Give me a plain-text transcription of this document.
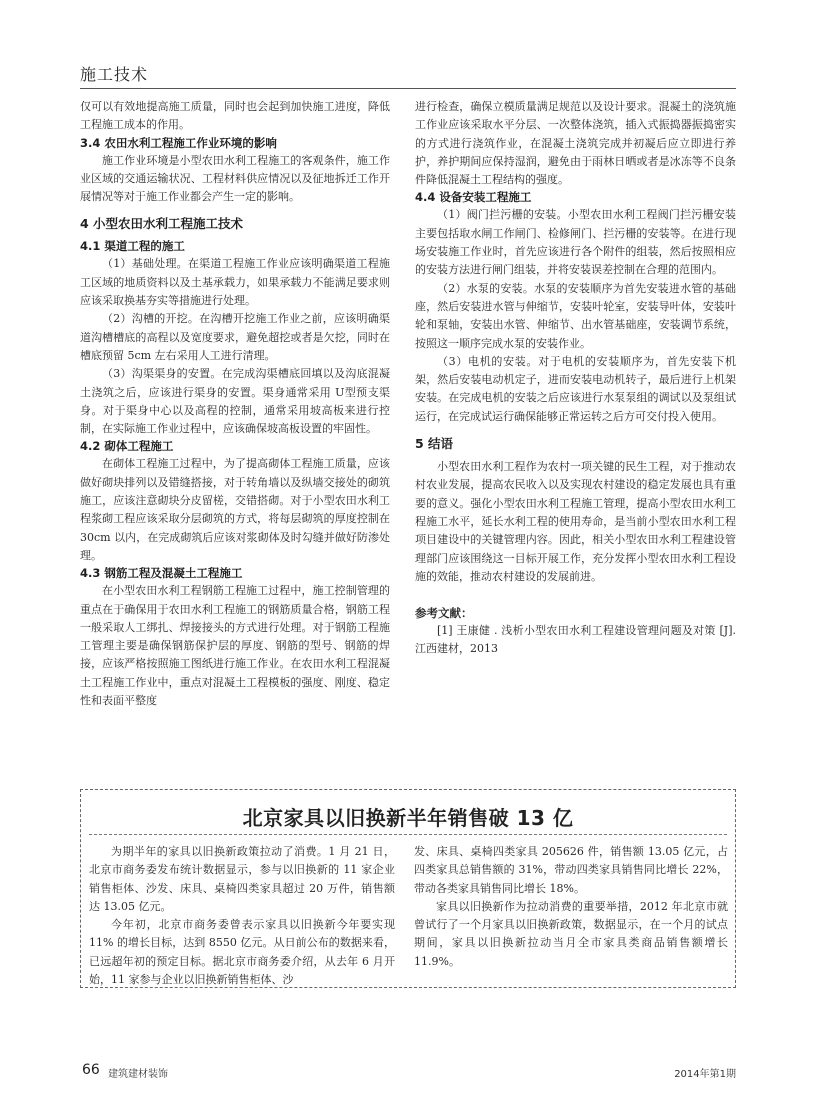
施工技术
仅可以有效地提高施工质量，同时也会起到加快施工进度，降低工程施工成本的作用。
3.4 农田水利工程施工作业环境的影响
施工作业环境是小型农田水利工程施工的客观条件，施工作业区域的交通运输状况、工程材料供应情况以及征地拆迁工作开展情况等对于施工作业都会产生一定的影响。
4 小型农田水利工程施工技术
4.1 渠道工程的施工
（1）基础处理。在渠道工程施工作业应该明确渠道工程施工区域的地质资料以及土基承载力，如果承载力不能满足要求则应该采取换基夯实等措施进行处理。
（2）沟槽的开挖。在沟槽开挖施工作业之前，应该明确渠道沟槽槽底的高程以及宽度要求，避免超挖或者是欠挖，同时在槽底预留 5cm 左右采用人工进行清理。
（3）沟渠渠身的安置。在完成沟渠槽底回填以及沟底混凝土浇筑之后，应该进行渠身的安置。渠身通常采用 U型预支渠身。对于渠身中心以及高程的控制，通常采用坡高板来进行控制，在实际施工作业过程中，应该确保坡高板设置的牢固性。
4.2 砌体工程施工
在砌体工程施工过程中，为了提高砌体工程施工质量，应该做好砌块排列以及错缝搭接，对于转角墙以及纵墙交接处的砌筑施工，应该注意砌块分皮留槎，交错搭砌。对于小型农田水利工程浆砌工程应该采取分层砌筑的方式，将每层砌筑的厚度控制在 30cm 以内，在完成砌筑后应该对浆砌体及时勾缝并做好防渗处理。
4.3 钢筋工程及混凝土工程施工
在小型农田水利工程钢筋工程施工过程中，施工控制管理的重点在于确保用于农田水利工程施工的钢筋质量合格，钢筋工程一般采取人工绑扎、焊接接头的方式进行处理。对于钢筋工程施工管理主要是确保钢筋保护层的厚度、钢筋的型号、钢筋的焊接，应该严格按照施工图纸进行施工作业。在农田水利工程混凝土工程施工作业中，重点对混凝土工程模板的强度、刚度、稳定性和表面平整度
进行检查，确保立模质量满足规范以及设计要求。混凝土的浇筑施工作业应该采取水平分层、一次整体浇筑，插入式振捣器振捣密实的方式进行浇筑作业，在混凝土浇筑完成并初凝后应立即进行养护，养护期间应保持湿润，避免由于雨林日晒或者是冰冻等不良条件降低混凝土工程结构的强度。
4.4 设备安装工程施工
（1）阀门拦污栅的安装。小型农田水利工程阀门拦污栅安装主要包括取水闸工作闸门、检修闸门、拦污栅的安装等。在进行现场安装施工作业时，首先应该进行各个附件的组装，然后按照相应的安装方法进行闸门组装，并将安装误差控制在合理的范围内。
（2）水泵的安装。水泵的安装顺序为首先安装进水管的基础座，然后安装进水管与伸缩节，安装叶轮室，安装导叶体，安装叶轮和泵轴，安装出水管、伸缩节、出水管基础座，安装调节系统，按照这一顺序完成水泵的安装作业。
（3）电机的安装。对于电机的安装顺序为，首先安装下机架，然后安装电动机定子，进而安装电动机转子，最后进行上机架安装。在完成电机的安装之后应该进行水泵泵组的调试以及泵组试运行，在完成试运行确保能够正常运转之后方可交付投入使用。
5 结语
小型农田水利工程作为农村一项关键的民生工程，对于推动农村农业发展，提高农民收入以及实现农村建设的稳定发展也具有重要的意义。强化小型农田水利工程施工管理，提高小型农田水利工程施工水平，延长水利工程的使用寿命，是当前小型农田水利工程项目建设中的关键管理内容。因此，相关小型农田水利工程建设管理部门应该围绕这一目标开展工作，充分发挥小型农田水利工程设施的效能，推动农村建设的发展前进。
参考文献：
[1] 王康健 . 浅析小型农田水利工程建设管理问题及对策 [J]. 江西建材，2013
北京家具以旧换新半年销售破 13 亿
为期半年的家具以旧换新政策拉动了消费。1 月 21 日，北京市商务委发布统计数据显示，参与以旧换新的 11 家企业销售柜体、沙发、床具、桌椅四类家具超过 20 万件，销售额达 13.05 亿元。
今年初，北京市商务委曾表示家具以旧换新今年要实现 11% 的增长目标，达到 8550 亿元。从日前公布的数据来看，已远超年初的预定目标。据北京市商务委介绍，从去年 6 月开始，11 家参与企业以旧换新销售柜体、沙
发、床具、桌椅四类家具 205626 件，销售额 13.05 亿元，占四类家具总销售额的 31%，带动四类家具销售同比增长 22%，带动各类家具销售同比增长 18%。
家具以旧换新作为拉动消费的重要举措，2012 年北京市就曾试行了一个月家具以旧换新政策，数据显示，在一个月的试点期间，家具以旧换新拉动当月全市家具类商品销售额增长 11.9%。
66 建筑建材装饰	2014年第1期
